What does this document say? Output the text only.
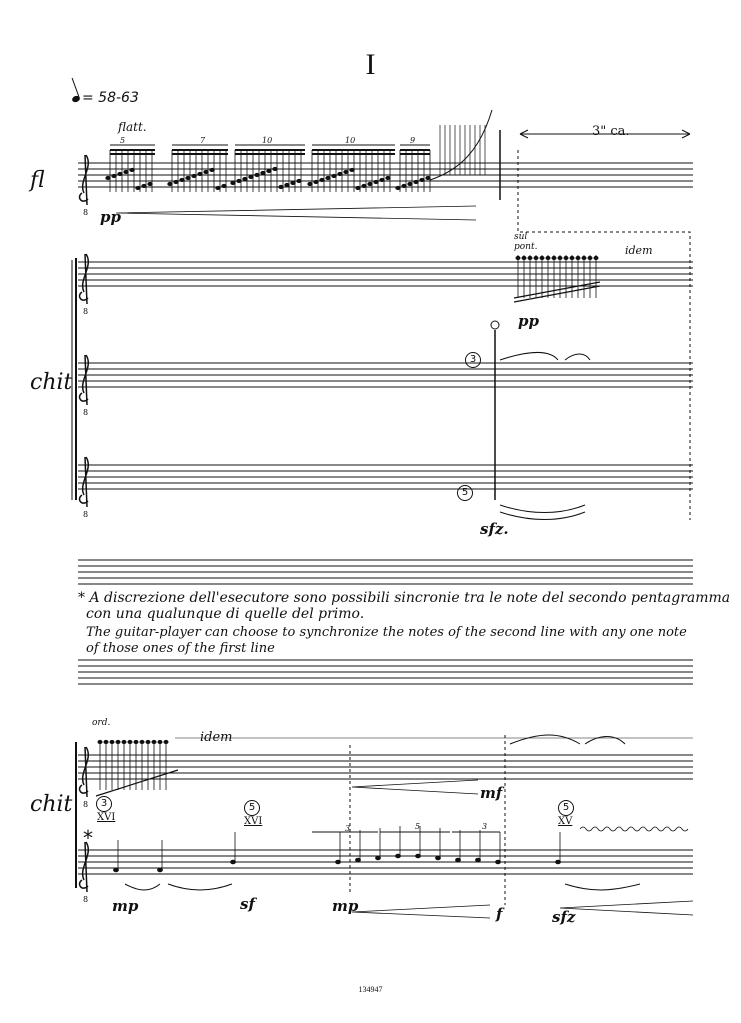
I
= 58-63
fl
chit
chit
flatt.
5	7	10	10	9
pp
3" ca.
sul pont.	idem
pp
3
5
sfz.
* A discrezione dell'esecutore sono possibili sincronie tra le note del secondo pentagramma
con una qualunque di quelle del primo.
The guitar-player can choose to synchronize the notes of the second line with any one note
of those ones of the first line
ord.
idem
3
XVI
5
XVI
5
XV
mf
mp	sf	mp	f	sfz
3	5	3
*
134947
8
8
8
8
8
8
